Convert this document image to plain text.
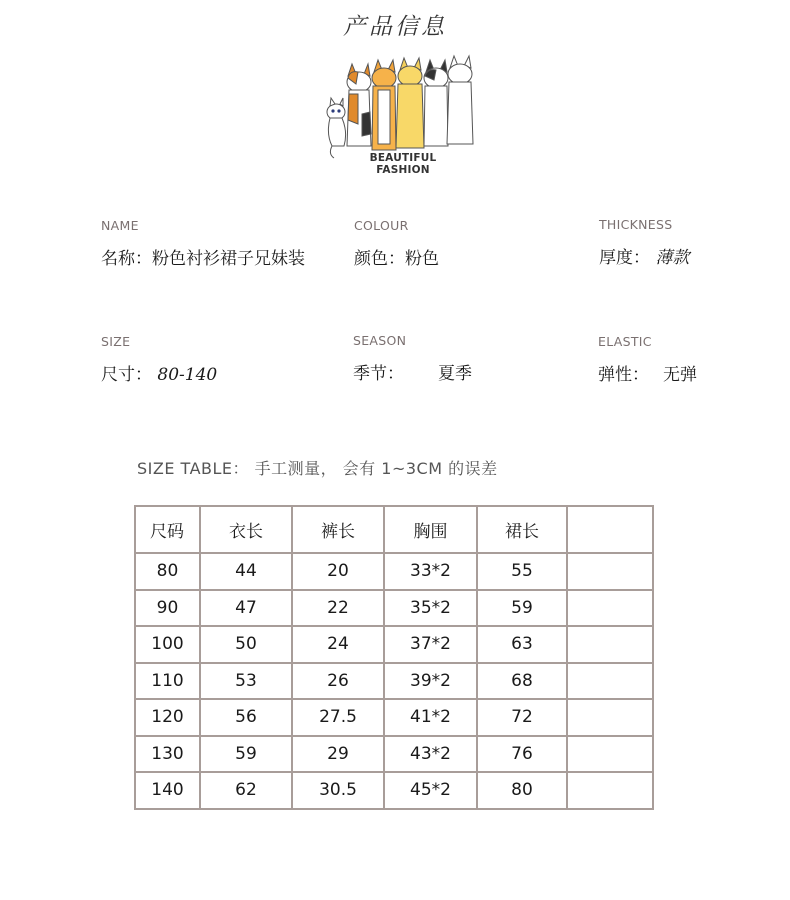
产品信息
BEAUTIFUL FASHION
NAME
名称：粉色衬衫裙子兄妹装
COLOUR
颜色：粉色
THICKNESS
厚度： 薄款
SIZE
尺寸： 80-140
SEASON
季节： 夏季
ELASTIC
弹性： 无弹
SIZE TABLE： 手工测量， 会有 1~3CM 的误差
尺码	衣长	裤长	胸围	裙长	
80	44	20	33*2	55	
90	47	22	35*2	59	
100	50	24	37*2	63	
110	53	26	39*2	68	
120	56	27.5	41*2	72	
130	59	29	43*2	76	
140	62	30.5	45*2	80	
